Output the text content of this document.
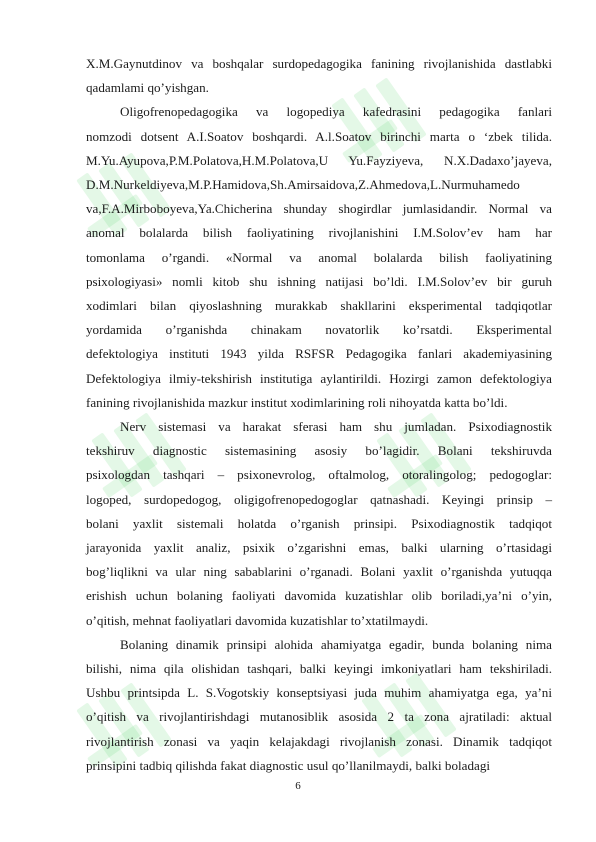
X.M.Gaynutdinov va boshqalar surdopedagogika fanining rivojlanishida dastlabki
qadamlami qo’yishgan.

Oligofrenopedagogika va logopediya kafedrasini pedagogika fanlari
nomzodi dotsent A.I.Soatov boshqardi. A.l.Soatov birinchi marta o ‘zbek tilida.
M.Yu.Ayupova,P.M.Polatova,H.M.Polatova,U Yu.Fayziyeva, N.X.Dadaxo’jayeva,
D.M.Nurkeldiyeva,M.P.Hamidova,Sh.Amirsaidova,Z.Ahmedova,L.Nurmuhamedo
va,F.A.Mirboboyeva,Ya.Chicherina shunday shogirdlar jumlasidandir. Normal va
anomal bolalarda bilish faoliyatining rivojlanishini I.M.Solov’ev ham har
tomonlama o’rgandi. «Normal va anomal bolalarda bilish faoliyatining
psixologiyasi» nomli kitob shu ishning natijasi bo’ldi. I.M.Solov’ev bir guruh
xodimlari bilan qiyoslashning murakkab shakllarini eksperimental tadqiqotlar
yordamida o’rganishda chinakam novatorlik ko’rsatdi. Eksperimental
defektologiya instituti 1943 yilda RSFSR Pedagogika fanlari akademiyasining
Defektologiya ilmiy-tekshirish institutiga aylantirildi. Hozirgi zamon defektologiya
fanining rivojlanishida mazkur institut xodimlarining roli nihoyatda katta bo’ldi.

Nerv sistemasi va harakat sferasi ham shu jumladan. Psixodiagnostik
tekshiruv diagnostic sistemasining asosiy bo’lagidir. Bolani tekshiruvda
psixologdan tashqari – psixonevrolog, oftalmolog, otoralingolog; pedogoglar:
logoped, surdopedogog, oligigofrenopedogoglar qatnashadi. Keyingi prinsip –
bolani yaxlit sistemali holatda o’rganish prinsipi. Psixodiagnostik tadqiqot
jarayonida yaxlit analiz, psixik o’zgarishni emas, balki ularning o’rtasidagi
bog’liqlikni va ular ning sabablarini o’rganadi. Bolani yaxlit o’rganishda yutuqqa
erishish uchun bolaning faoliyati davomida kuzatishlar olib boriladi,ya’ni o’yin,
o’qitish, mehnat faoliyatlari davomida kuzatishlar to’xtatilmaydi.

Bolaning dinamik prinsipi alohida ahamiyatga egadir, bunda bolaning nima
bilishi, nima qila olishidan tashqari, balki keyingi imkoniyatlari ham tekshiriladi.
Ushbu printsipda L. S.Vogotskiy konseptsiyasi juda muhim ahamiyatga ega, ya’ni
o’qitish va rivojlantirishdagi mutanosiblik asosida 2 ta zona ajratiladi: aktual
rivojlantirish zonasi va yaqin kelajakdagi rivojlanish zonasi. Dinamik tadqiqot
prinsipini tadbiq qilishda fakat diagnostic usul qo’llanilmaydi, balki boladagi

6
